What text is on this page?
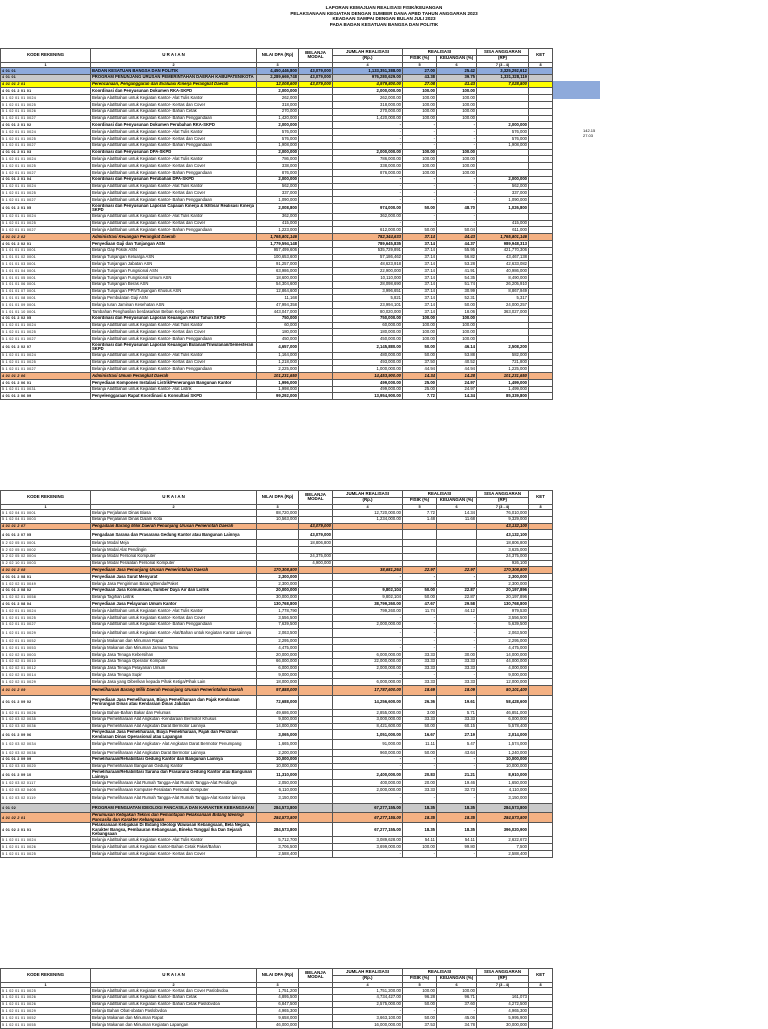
LAPORAN KEMAJUAN REALISASI FISIK/KEUANGAN
PELAKSANAAN KEGIATAN DENGAN SUMBER DANA APBD TAHUN ANGGARAN 2023
KEADAAN SAMPAI DENGAN BULAN JULI 2023
PADA BADAN KESATUAN BANGSA DAN POLITIK
142.15
27.03
KODE REKENING	U R A I A N	NILAI DPA (Rp)	BELANJA MODAL	JUMLAH REALISASI	REALISASI		SISA ANGGARAN	KET
				(Rp.)	FISIK (%)	KEUANGAN (%)	(RP)	
1	2	3		4	5	6	7 (3 - 4)	8
4 01 01	BADAN KESATUAN BANGSA DAN POLITIK	4,450,446,800	43,079,000	1,133,351,388.00	27.00	25.42	3,325,292,612	
4 01 01	PROGRAM PENUNJANG URUSAN PEMERINTAHAN DAERAH KABUPATEN/KOTA	2,289,669,748	43,079,000	976,280,629.00	43.38	39.75	1,331,328,119	
4 01 01 2 01	Perencanaan, Penganggaran dan Evaluasi Kinerja Perangkat Daerah	12,008,600	43,079,000	4,979,800.00	27.08	41.43	7,028,800	
4 01 01 2 01 01	Koordinasi dan Penyusunan Dokumen RKA-SKPD	2,000,000		2,000,000.00	100.00	100.00		
5 1 02 01 01 0024	Belanja Alat/Bahan untuk Kegiatan Kantor- Alat Tulis Kantor	262,000		262,000.00	100.00	100.00		
5 1 02 01 01 0025	Belanja Alat/Bahan untuk Kegiatan Kantor- Kertas dan Cover	318,000		318,000.00	100.00	100.00		
5 1 02 01 01 0026	Belanja Alat/Bahan untuk Kegiatan Kantor- Bahan Cetak	270,000		270,000.00	100.00	100.00		
5 1 02 01 01 0027	Belanja Alat/Bahan untuk Kegiatan Kantor- Bahan Penggandaan	1,420,000		1,420,000.00	100.00	100.00		
4 01 01 2 01 02	Koordinasi dan Penyusunan Dokumen Perubahan RKA-SKPD	2,000,000		-	-	-	2,000,000	
5 1 02 01 01 0024	Belanja Alat/Bahan untuk Kegiatan Kantor- Alat Tulis Kantor	576,000		-	-	-	576,000	
5 1 02 01 01 0025	Belanja Alat/Bahan untuk Kegiatan Kantor- Kertas dan Cover	576,000		-	-	-	576,000	
5 1 02 01 01 0027	Belanja Alat/Bahan untuk Kegiatan Kantor- Bahan Penggandaan	1,908,000		-	-	-	1,908,000	
4 01 01 2 01 03	Koordinasi dan Penyusunan DPA-SKPD	2,000,000		2,000,000.00	100.00	100.00		
5 1 02 01 01 0024	Belanja Alat/Bahan untuk Kegiatan Kantor- Alat Tulis Kantor	786,000		786,000.00	100.00	100.00		
5 1 02 01 01 0025	Belanja Alat/Bahan untuk Kegiatan Kantor- Kertas dan Cover	338,000		338,000.00	100.00	100.00		
5 1 02 01 01 0027	Belanja Alat/Bahan untuk Kegiatan Kantor- Bahan Penggandaan	876,000		876,000.00	100.00	100.00		
4 01 01 2 01 04	Koordinasi dan Penyusunan Perubahan DPA-SKPD	2,000,000		-	-	-	2,000,000	
5 1 02 01 01 0024	Belanja Alat/Bahan untuk Kegiatan Kantor- Alat Tulis Kantor	562,000		-	-	-	562,000	
5 1 02 01 01 0025	Belanja Alat/Bahan untuk Kegiatan Kantor- Kertas dan Cover	337,000		-	-	-	337,000	
5 1 02 01 01 0027	Belanja Alat/Bahan untuk Kegiatan Kantor- Bahan Penggandaan	1,090,000		-	-	-	1,090,000	
4 01 01 2 01 05	Koordinasi dan Penyusunan Laporan Capaian Kinerja & Ikhtisar Realisasi Kinerja SKPD	2,008,800		974,000.00	50.00	48.70	1,026,800	
5 1 02 01 01 0024	Belanja Alat/Bahan untuk Kegiatan Kantor- Alat Tulis Kantor	362,000		362,000.00	-	-		
5 1 02 01 01 0025	Belanja Alat/Bahan untuk Kegiatan Kantor- Kertas dan Cover	415,000		-	-	-	415,000	
5 1 02 01 01 0027	Belanja Alat/Bahan untuk Kegiatan Kantor- Bahan Penggandaan	1,223,000		612,000.00	50.00	50.04	611,000	
4 01 01 2 02	Administrasi Keuangan Perangkat Daerah	1,765,801,146		782,344,633	37.14	44.43	1,765,801,146	
4 01 01 2 02 01	Penyediaan Gaji dan Tunjangan ASN	1,779,594,148		789,645,835	37.14	44.37	989,948,313	
5 1 01 01 01 0001	Belanja Gaji Pokok ASN	957,499,606		535,729,891	37.14	55.95	421,770,306	
5 1 01 01 02 0001	Belanja Tunjangan Keluarga ASN	100,653,600		57,186,462	37.14	56.82	43,467,138	
5 1 01 01 03 0001	Belanja Tunjangan Jabatan ASN	91,257,000		48,623,918	37.14	53.28	42,633,082	
5 1 01 01 04 0001	Belanja Tunjangan Fungsional ASN	63,986,000		22,900,000	37.14	41.91	40,986,000	
5 1 01 01 05 0001	Belanja Tunjangan Fungsional Umum ASN	18,600,000		10,110,000	37.14	54.35	8,490,000	
5 1 01 01 06 0001	Belanja Tunjangan Beras ASN	54,304,600		28,098,690	37.14	51.74	26,205,910	
5 1 01 01 07 0001	Belanja Tunjangan PPh/Tunjangan Khusus ASN	12,864,600		3,996,651	37.14	30.99	8,867,949	
5 1 01 01 08 0001	Belanja Pembulatan Gaji ASN	11,168		5,821	37.14	52.31	5,317	
5 1 01 01 09 0001	Belanja Iuran Jaminan Kesehatan ASN	47,994,358		23,994,101	37.14	50.00	24,000,257	
5 1 01 01 10 0001	Tambahan Penghasilan berdasarkan Beban Kerja ASN	443,047,000		80,020,000	37.14	18.06	363,027,000	
4 01 01 2 02 05	Koordinasi dan Penyusunan Laporan Keuangan Akhir Tahun SKPD	750,000		750,000.00	100.00	100.00		
5 1 02 01 01 0024	Belanja Alat/Bahan untuk Kegiatan Kantor- Alat Tulis Kantor	60,000		60,000.00	100.00	100.00		
5 1 02 01 01 0025	Belanja Alat/Bahan untuk Kegiatan Kantor- Kertas dan Cover	180,000		180,000.00	100.00	100.00		
5 1 02 01 01 0027	Belanja Alat/Bahan untuk Kegiatan Kantor- Bahan Penggandaan	450,000		450,000.00	100.00	100.00		
4 01 01 2 02 07	Koordinasi dan Penyusunan Laporan Keuangan Bulanan/Triwulanan/Semesteran SKPD	4,657,000		2,145,880.00	50.00	46.14	2,508,200	
5 1 02 01 01 0024	Belanja Alat/Bahan untuk Kegiatan Kantor- Alat Tulis Kantor	1,164,000		480,000.00	50.00	53.88	582,000	
5 1 02 01 01 0025	Belanja Alat/Bahan untuk Kegiatan Kantor- Kertas dan Cover	1,218,000		493,000.00	37.50	40.52	721,800	
5 1 02 01 01 0027	Belanja Alat/Bahan untuk Kegiatan Kantor- Bahan Penggandaan	2,225,000		1,000,000.00	44.94	44.94	1,225,000	
4 01 01 2 06	Administrasi Umum Perangkat Daerah	101,231,650		14,453,900.00	14.34	14.28	101,231,650	
4 01 01 2 06 01	Penyediaan Komponen Instalasi Listrik/Penerangan Bangunan Kantor	1,996,000		499,000.00	25.00	24.97	1,499,000	
5 1 02 01 01 0031	Belanja Alat/Bahan untuk Kegiatan Kantor- Alat Listrik	1,998,000		499,000.00	25.00	24.97	1,499,000	
4 01 01 2 06 09	Penyelenggaraan Rapat Koordinasi & Konsultasi SKPD	99,292,000		13,954,900.00	7.72	14.34	85,339,800	
KODE REKENING	U R A I A N	NILAI DPA (Rp)	BELANJA MODAL	JUMLAH REALISASI	REALISASI		SISA ANGGARAN	KET
				(Rp.)	FISIK (%)	KEUANGAN (%)	(RP)	
1	2	3		4	5	6	7 (3 - 4)	8
5 1 02 04 01 0001	Belanja Perjalanan Dinas Biasa	88,720,000		12,720,000.00	7.72	14.34	76,010,000	
5 1 02 04 01 0003	Belanja Perjalanan Dinas Dalam Kota	10,563,000		1,234,000.00	1.48	11.68	9,329,000	
4 01 01 2 07	Pengadaan Barang Milik Daerah Penunjang Urusan Pemerintah Daerah		43,079,000				43,132,100	
4 01 01 2 07 05	Pengadaan Sarana dan Prasarana Gedung Kantor atau Bangunan Lainnya		43,079,000				43,132,100	
5 2 02 05 01 0001	Belanja Modal Meja		18,806,800				18,806,800	
5 2 02 05 01 0002	Belanja Modal Alat Pendingin						3,625,000	
5 2 02 05 02 0004	Belanja Modal Personal Komputer		24,375,000				24,375,000	
5 2 02 10 01 0003	Belanja Modal Peralatan Personal Komputer		4,900,000				926,100	
4 01 01 2 08	Penyediaan Jasa Penunjang Urusan Pemerintahan Daerah	170,308,800		38,681,264	22.97	22.97	170,308,800	
4 01 01 2 08 01	Penyediaan Jasa Surat Menyurat	2,300,000		-	-	-	2,300,000	
5 1 02 02 01 0049	Belanja Jasa Pengiriman Barang/Benda/Paket	2,300,000		-	-	-	2,300,000	
4 01 01 2 08 02	Penyediaan Jasa Komunikasi, Sumber Daya Air dan Listrik	20,000,000		9,802,104	50.00	22.87	20,197,896	
5 1 02 02 01 0058	Belanja Tagihan Listrik	30,000,000		9,802,104	50.00	22.87	20,197,896	
4 01 01 2 08 04	Penyediaan Jasa Pelayanan Umum Kantor	130,768,800		38,799,260.00	47.67	29.58	130,768,800	
5 1 02 01 01 0024	Belanja Alat/Bahan untuk Kegiatan Kantor- Alat Tulis Kantor	1,778,790		799,260.00	11.74	44.12	979,530	
5 1 02 01 01 0025	Belanja Alat/Bahan untuk Kegiatan Kantor- Kertas dan Cover	3,556,500		-	-	-	3,556,500	
5 1 02 01 01 0027	Belanja Alat/Bahan untuk Kegiatan Kantor- Bahan Penggandaan	7,639,500		2,000,000.00	-	-	5,639,500	
5 1 02 01 01 0029	Belanja Alat/Bahan untuk Kegiatan Kantor- Alat/Bahan untuk Kegiatan Kantor Lainnya	2,063,500		-	-	-	2,063,500	
5 1 02 01 01 0052	Belanja Makanan dan Minuman Rapat	2,295,000		-	-	-	2,295,000	
5 1 02 01 01 0053	Belanja Makanan dan Minuman Jamuan Tamu	4,475,000		-	-	-	4,475,000	
5 1 02 02 01 0003	Belanja Jasa Tenaga Kebersihan	20,000,000		6,000,000.00	33.33	30.00	14,000,000	
5 1 02 02 01 0010	Belanja Jasa Tenaga Operator Komputer	66,000,000		22,000,000.00	33.33	33.33	44,000,000	
5 1 02 02 01 0012	Belanja Jasa Tenaga Pelayanan Umum	6,000,000		2,000,000.00	33.33	33.33	4,000,000	
5 1 02 02 01 0014	Belanja Jasa Tenaga Supir	9,000,000		-	-	-	9,000,000	
5 1 02 02 01 0029	Belanja Jasa yang Diberikan kepada Pihak Ketiga/Pihak Lain	18,000,000		6,000,000.00	33.33	33.33	12,000,000	
4 01 01 2 09	Pemeliharaan Barang Milik Daerah Penunjang Urusan Pemerintahan Daerah	97,888,000		17,787,600.00	18.69	18.09	80,101,400	
4 01 01 2 09 02	Penyediaan Jasa Pemeliharaan, Biaya Pemeliharaan dan Pajak Kendaraan Perorangan Dinas atau Kendaraan Dinas Jabatan	72,688,000		14,256,600.00	26.36	19.61	58,428,600	
5 1 02 01 01 0026	Belanja Bahan-Bahan Bakar dan Pelumas	49,686,000		2,855,000.00	3.00	5.71	46,851,000	
5 1 02 03 02 0035	Belanja Pemeliharaan Alat Angkutan -Kendaraan Bermotor Khusus	9,000,000		3,000,000.00	33.33	33.33	6,000,000	
5 1 02 03 02 0036	Belanja Pemeliharaan Alat Angkutan Darat Bermotor Lainnya	14,000,000		8,421,600.00	50.00	60.15	5,578,400	
4 01 01 2 09 06	Penyediaan Jasa Pemeliharaan, Biaya Pemeliharaan, Pajak dan Perizinan Kendaraan Dinas Operasional atau Lapangan	3,065,000		1,051,000.00	16.67	27.19	2,014,000	
5 1 02 03 02 0034	Belanja Pemeliharaan Alat Angkutan- Alat Angkutan Darat Bermotor Penumpang	1,665,000		91,000.00	11.11	5.47	1,574,000	
5 1 02 03 02 0036	Belanja Pemeliharaan Alat Angkutan Darat Bermotor Lainnya	2,200,000		960,000.00	50.00	43.64	1,240,000	
4 01 01 2 09 09	Pemeliharaan/Rehabilitasi Gedung Kantor dan Bangunan Lainnya	10,000,000		-	-	-	10,000,000	
5 1 02 03 03 0020	Belanja Pemeliharaan Bangunan Gedung Kantor	10,000,000		-	-	-	10,000,000	
4 01 01 2 09 10	Pemeliharaan/Rehabilitasi Sarana dan Prasarana Gedung Kantor atau Bangunan Lainnya	11,310,000		2,400,000.00	20.83	21.21	8,910,000	
5 1 02 03 02 0117	Belanja Pemeliharaan Alat Rumah Tangga-Alat Rumah Tangga-Alat Pendingin	2,050,000		400,000.00	20.00	19.46	1,650,000	
5 1 02 03 02 0405	Belanja Pemeliharaan Komputer-Peralatan Personal Komputer	6,110,000		2,000,000.00	33.33	32.73	4,110,000	
5 1 02 03 02 0119	Belanja Pemeliharaan Alat Rumah Tangga-Alat Rumah Tangga-Alat Kantor lainnya	3,150,000		-	-	-	3,150,000	
4 01 02	PROGRAM PENGUATAN IDEOLOGI PANCASILA DAN KARAKTER KEBANGSAAN	284,573,800		67,277,155.00	18.35	18.35	284,573,800	
4 01 02 2 01	Perumusan Kebijakan Teknis dan Pemantapan Pelaksanaan Bidang Ideologi Pancasila dan Karakter Kebangsaan	284,573,800		67,277,155.00	18.35	18.35	284,573,800	
4 01 02 2 01 01	Pelaksanaan Kebijakan Di Bidang Ideologi Wawasan Kebangsaan, Bela Negara, Karakter Bangsa, Pembauran Kebangsaan, Bineka Tunggal Ika Dan Sejarah Kebangsaan	284,573,800		67,277,155.00	18.35	18.35	396,020,900	
5 1 02 01 01 0024	Belanja Alat/Bahan untuk Kegiatan Kantor- Alat Tulis Kantor	5,712,700		3,089,628.00	54.11	54.11	2,622,672	
5 1 02 01 01 0026	Belanja Alat/Bahan untuk Kegiatan Kantor-Bahan Cetak Paket/Bahan	3,706,500		3,699,000.00	100.00	99.80	7,500	
5 1 02 01 01 0025	Belanja Alat/Bahan untuk Kegiatan Kantor- Kertas dan Cover	2,588,400		-	-	-	2,588,400	
KODE REKENING	U R A I A N	NILAI DPA (Rp)	BELANJA MODAL	JUMLAH REALISASI	REALISASI		SISA ANGGARAN	KET
				(Rp.)	FISIK (%)	KEUANGAN (%)	(RP)	
1	2	3		4	5	6	7 (3 - 4)	8
5 1 02 01 01 0025	Belanja Alat/Bahan untuk Kegiatan Kantor- Kertas dan Cover Paslobvdoa	1,751,200		1,751,200.00	100.00	100.00		
5 1 02 01 01 0026	Belanja Alat/Bahan untuk Kegiatan Kantor- Bahan Cetak	4,895,500		4,734,427.00	96.28	96.71	161,073	
5 1 02 01 01 0026	Belanja Alat/Bahan untuk Kegiatan Kantor- Bahan Cetak Paslobvdoa	6,847,500		2,575,000.00	50.00	37.60	4,272,500	
5 1 02 01 01 0029	Belanja Bahan Obat-obatan Paslobvdoa	4,965,300		-	-	-	4,965,300	
5 1 02 01 01 0052	Belanja Makanan dan Minuman Rapat	9,658,000		3,663,100.00	50.00	45.06	5,995,900	
5 1 02 01 01 0055	Belanja Makanan dan Minuman Kegiatan Lapangan	46,000,000		16,000,000.00	37.53	34.78	30,000,000	
